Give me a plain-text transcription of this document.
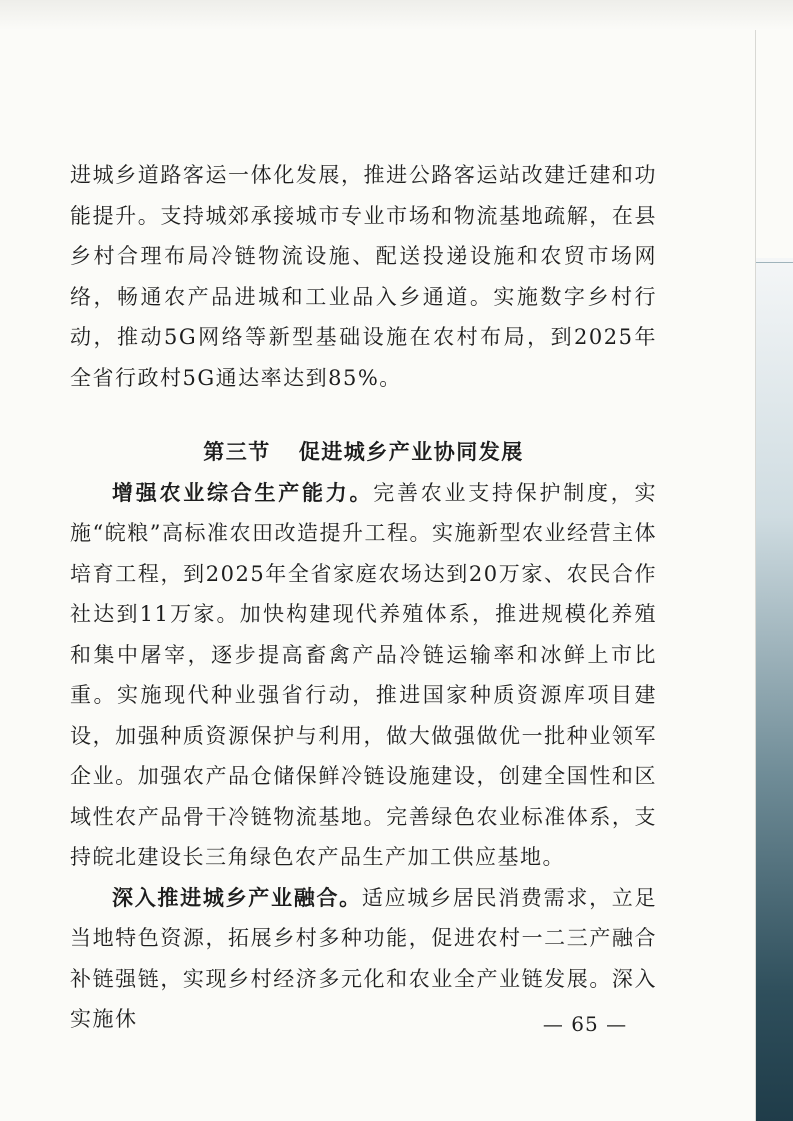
进城乡道路客运一体化发展，推进公路客运站改建迁建和功能提升。支持城郊承接城市专业市场和物流基地疏解，在县乡村合理布局冷链物流设施、配送投递设施和农贸市场网络，畅通农产品进城和工业品入乡通道。实施数字乡村行动，推动5G网络等新型基础设施在农村布局，到2025年全省行政村5G通达率达到85%。

第三节 促进城乡产业协同发展

增强农业综合生产能力。完善农业支持保护制度，实施“皖粮”高标准农田改造提升工程。实施新型农业经营主体培育工程，到2025年全省家庭农场达到20万家、农民合作社达到11万家。加快构建现代养殖体系，推进规模化养殖和集中屠宰，逐步提高畜禽产品冷链运输率和冰鲜上市比重。实施现代种业强省行动，推进国家种质资源库项目建设，加强种质资源保护与利用，做大做强做优一批种业领军企业。加强农产品仓储保鲜冷链设施建设，创建全国性和区域性农产品骨干冷链物流基地。完善绿色农业标准体系，支持皖北建设长三角绿色农产品生产加工供应基地。

深入推进城乡产业融合。适应城乡居民消费需求，立足当地特色资源，拓展乡村多种功能，促进农村一二三产融合补链强链，实现乡村经济多元化和农业全产业链发展。深入实施休	— 65 —
